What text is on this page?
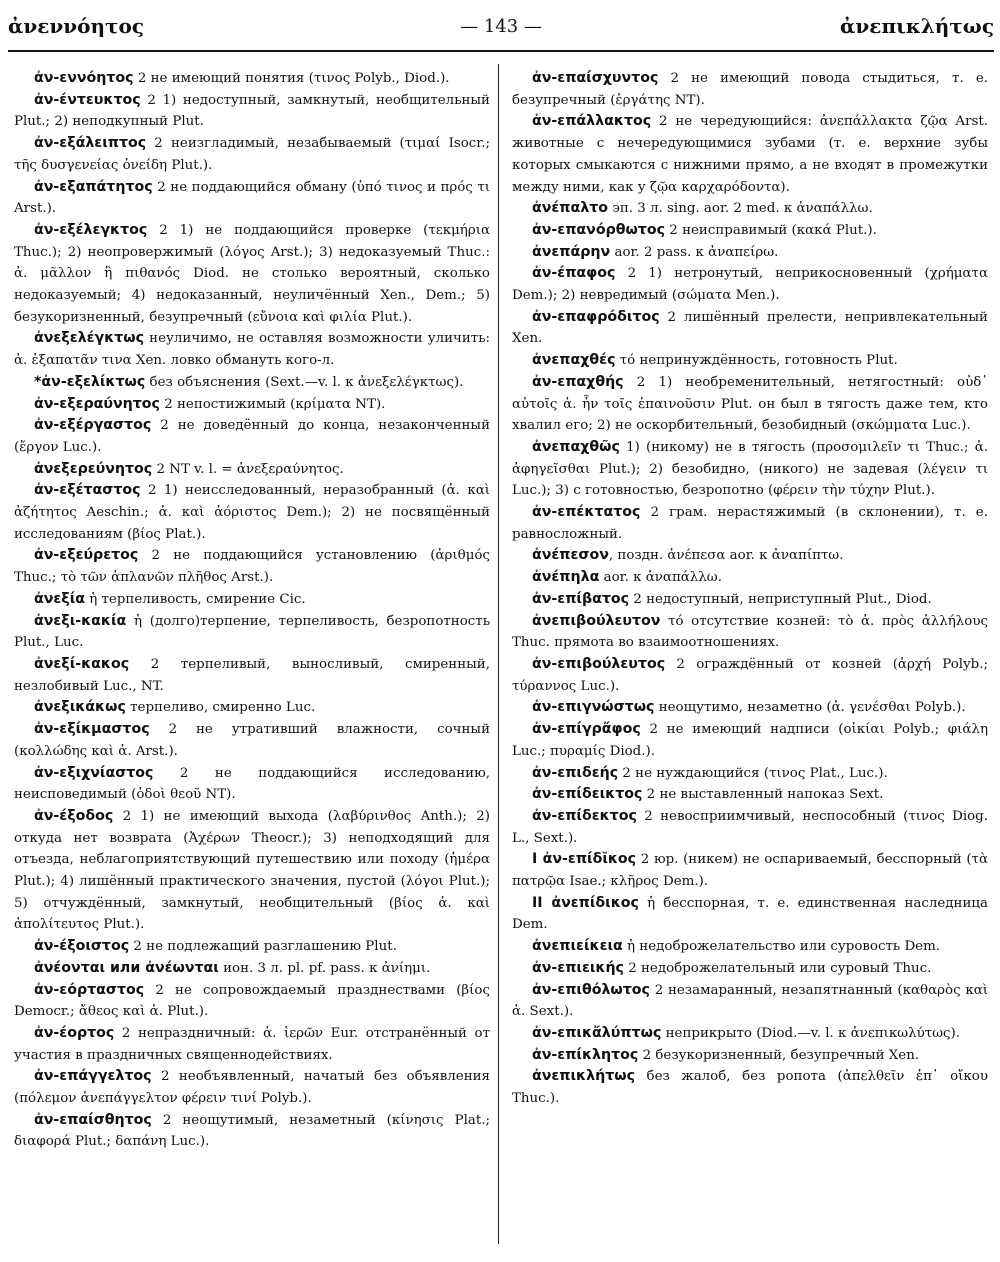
ἀνεννόητος	— 143 —	ἀνεπικλήτως

ἀν-εννόητος 2 не имеющий понятия (τινος Polyb., Diod.).

ἀν-έντευκτος 2 1) недоступный, замкнутый, необщительный Plut.; 2) неподкупный Plut.

ἀν-εξάλειπτος 2 неизгладимый, незабываемый (τιμαί Isocr.; τῆς δυσγενείας ὀνείδη Plut.).

ἀν-εξαπάτητος 2 не поддающийся обману (ὑπό τινος и πρός τι Arst.).

ἀν-εξέλεγκτος 2 1) не поддающийся проверке (τεκμήρια Thuc.); 2) неопровержимый (λόγος Arst.); 3) недоказуемый Thuc.: ἀ. μᾶλλον ἢ πιθανός Diod. не столько вероятный, сколько недоказуемый; 4) недоказанный, неуличённый Xen., Dem.; 5) безукоризненный, безупречный (εὔνοια καὶ φιλία Plut.).

ἀνεξελέγκτως неуличимо, не оставляя возможности уличить: ἀ. ἐξαπατᾶν τινα Xen. ловко обмануть кого-л.

*ἀν-εξελίκτως без объяснения (Sext.—v. l. к ἀνεξελέγκτως).

ἀν-εξεραύνητος 2 непостижимый (κρίματα NT).

ἀν-εξέργαστος 2 не доведённый до конца, незаконченный (ἔργον Luc.).

ἀνεξερεύνητος 2 NT v. l. = ἀνεξεραύνητος.

ἀν-εξέταστος 2 1) неисследованный, неразобранный (ἀ. καὶ ἀζήτητος Aeschin.; ἀ. καὶ ἀόριστος Dem.); 2) не посвящённый исследованиям (βίος Plat.).

ἀν-εξεύρετος 2 не поддающийся установлению (ἀριθμός Thuc.; τὸ τῶν ἀπλανῶν πλῆθος Arst.).

ἀνεξία ἡ терпеливость, смирение Cic.

ἀνεξι-κακία ἡ (долго)терпение, терпеливость, безропотность Plut., Luc.

ἀνεξί-κακος 2 терпеливый, выносливый, смиренный, незлобивый Luc., NT.

ἀνεξικάκως терпеливо, смиренно Luc.

ἀν-εξίκμαστος 2 не утративший влажности, сочный (κολλώδης καὶ ἀ. Arst.).

ἀν-εξιχνίαστος 2 не поддающийся исследованию, неисповедимый (ὁδοὶ θεοῦ NT).

ἀν-έξοδος 2 1) не имеющий выхода (λαβύρινθος Anth.); 2) откуда нет возврата (Ἀχέρων Theocr.); 3) неподходящий для отъезда, неблагоприятствующий путешествию или походу (ἡμέρα Plut.); 4) лишённый практического значения, пустой (λόγοι Plut.); 5) отчуждённый, замкнутый, необщительный (βίος ἀ. καὶ ἀπολίτευτος Plut.).

ἀν-έξοιστος 2 не подлежащий разглашению Plut.

ἀνέονται или ἀνέωνται ион. 3 л. pl. pf. pass. к ἀνίημι.

ἀν-εόρταστος 2 не сопровождаемый празднествами (βίος Democr.; ἄθεος καὶ ἀ. Plut.).

ἀν-έορτος 2 непраздничный: ἀ. ἱερῶν Eur. отстранённый от участия в праздничных священнодействиях.

ἀν-επάγγελτος 2 необъявленный, начатый без объявления (πόλεμον ἀνεπάγγελτον φέρειν τινί Polyb.).

ἀν-επαίσθητος 2 неощутимый, незаметный (κίνησις Plat.; διαφορά Plut.; δαπάνη Luc.).

ἀν-επαίσχυντος 2 не имеющий повода стыдиться, т. е. безупречный (ἐργάτης NT).

ἀν-επάλλακτος 2 не чередующийся: ἀνεπάλλακτα ζῷα Arst. животные с нечередующимися зубами (т. е. верхние зубы которых смыкаются с нижними прямо, а не входят в промежутки между ними, как у ζῷα καρχαρόδοντα).

ἀνέπαλτο эп. 3 л. sing. aor. 2 med. к ἀναπάλλω.

ἀν-επανόρθωτος 2 неисправимый (κακά Plut.).

ἀνεπάρην aor. 2 pass. к ἀναπείρω.

ἀν-έπαφος 2 1) нетронутый, неприкосновенный (χρήματα Dem.); 2) невредимый (σώματα Men.).

ἀν-επαφρόδιτος 2 лишённый прелести, непривлекательный Xen.

ἀνεπαχθές τό непринуждённость, готовность Plut.

ἀν-επαχθής 2 1) необременительный, нетягостный: οὐδ᾽ αὐτοῖς ἀ. ἦν τοῖς ἐπαινοῦσιν Plut. он был в тягость даже тем, кто хвалил его; 2) не оскорбительный, безобидный (σκώμματα Luc.).

ἀνεπαχθῶς 1) (никому) не в тягость (προσομιλεῖν τι Thuc.; ἀ. ἀφηγεῖσθαι Plut.); 2) безобидно, (никого) не задевая (λέγειν τι Luc.); 3) с готовностью, безропотно (φέρειν τὴν τύχην Plut.).

ἀν-επέκτατος 2 грам. нерастяжимый (в склонении), т. е. равносложный.

ἀνέπεσον, поздн. ἀνέπεσα aor. к ἀναπίπτω.

ἀνέπηλα aor. к ἀναπάλλω.

ἀν-επίβατος 2 недоступный, неприступный Plut., Diod.

ἀνεπιβούλευτον τό отсутствие козней: τὸ ἀ. πρὸς ἀλλήλους Thuc. прямота во взаимоотношениях.

ἀν-επιβούλευτος 2 ограждённый от козней (ἀρχή Polyb.; τύραννος Luc.).

ἀν-επιγνώστως неощутимо, незаметно (ἀ. γενέσθαι Polyb.).

ἀν-επίγρἄφος 2 не имеющий надписи (οἰκίαι Polyb.; φιάλη Luc.; πυραμίς Diod.).

ἀν-επιδεής 2 не нуждающийся (τινος Plat., Luc.).

ἀν-επίδεικτος 2 не выставленный напоказ Sext.

ἀν-επίδεκτος 2 невосприимчивый, неспособный (τινος Diog. L., Sext.).

I ἀν-επίδῐκος 2 юр. (никем) не оспариваемый, бесспорный (τὰ πατρῷα Isae.; κλῆρος Dem.).

II ἀνεπίδικος ἡ бесспорная, т. е. единственная наследница Dem.

ἀνεπιείκεια ἡ недоброжелательство или суровость Dem.

ἀν-επιεικής 2 недоброжелательный или суровый Thuc.

ἀν-επιθόλωτος 2 незамаранный, незапятнанный (καθαρὸς καὶ ἀ. Sext.).

ἀν-επικἄλύπτως неприкрыто (Diod.—v. l. к ἀνεπικωλύτως).

ἀν-επίκλητος 2 безукоризненный, безупречный Xen.

ἀνεπικλήτως без жалоб, без ропота (ἀπελθεῖν ἐπ᾽ οἴκου Thuc.).
